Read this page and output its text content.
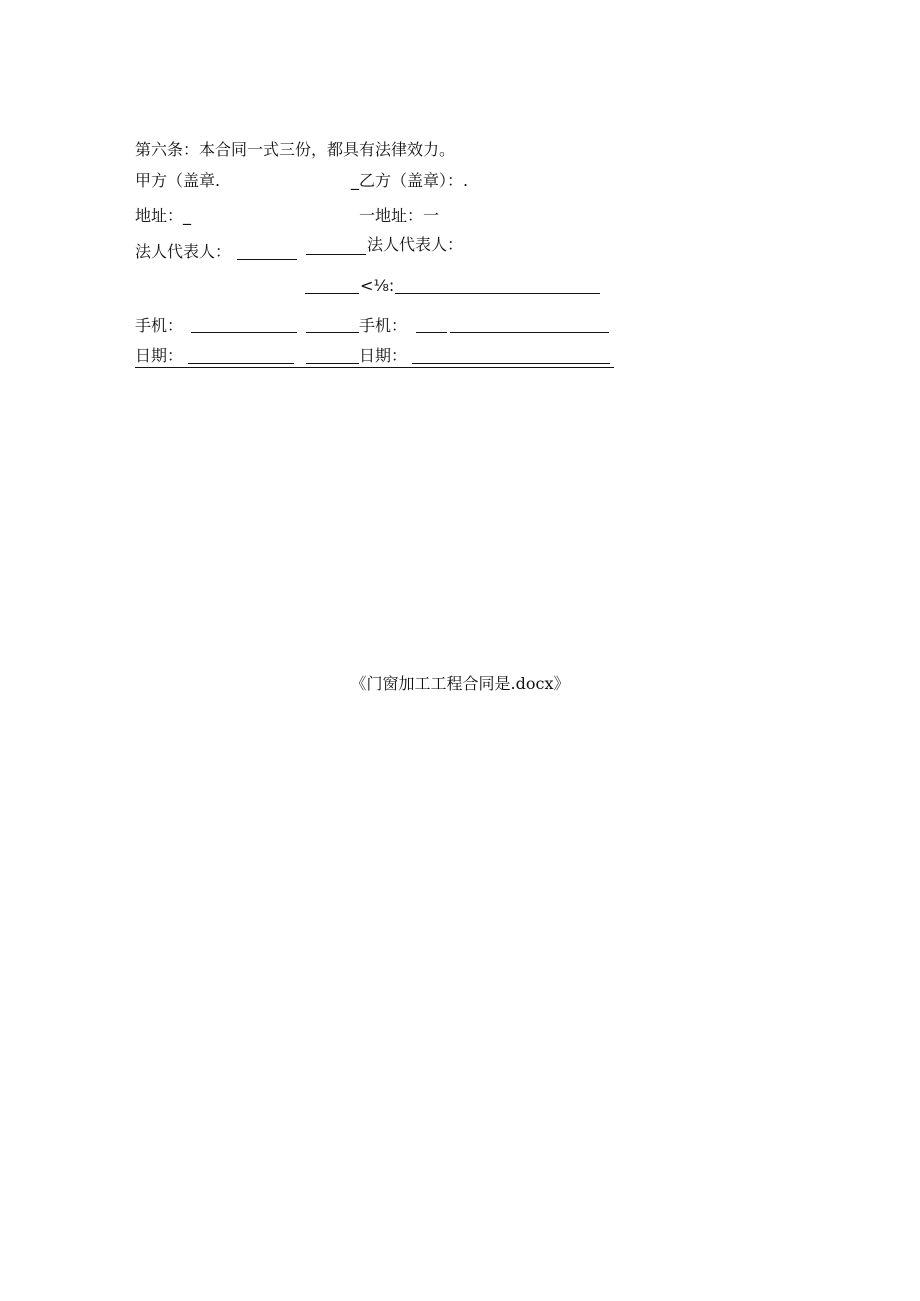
第六条：本合同一式三份，都具有法律效力。
甲方（盖章.	_乙方（盖章）：.
地址：_	一地址：一
法人代表人：	法人代表人：
<⅛:
手机：	手机：
日期：	日期：
《门窗加工工程合同是.docx》
